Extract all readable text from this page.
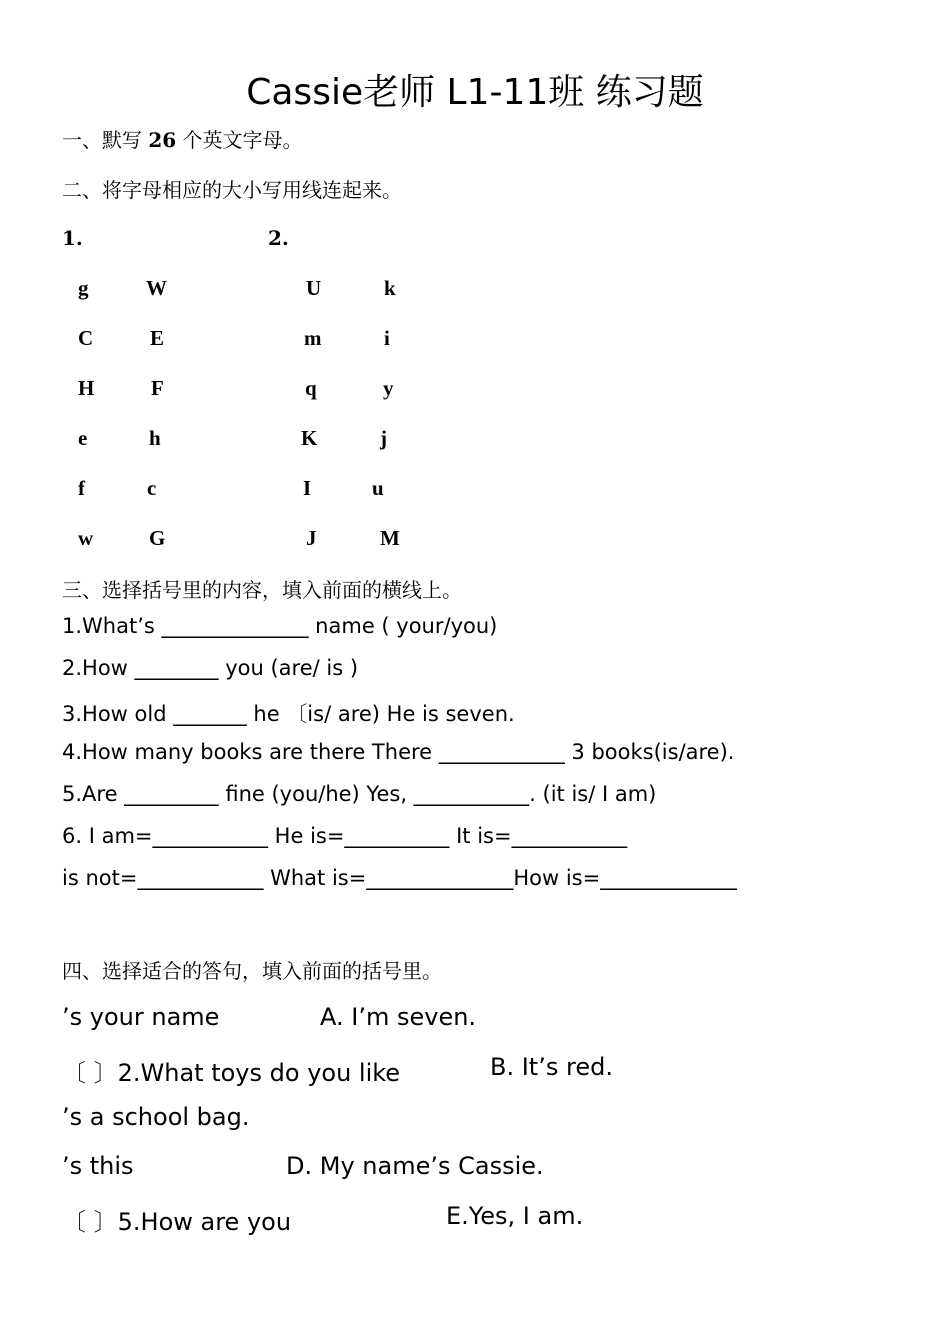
Cassie老师 L1-11班 练习题
一、默写 26 个英文字母。
二、将字母相应的大小写用线连起来。
1.	2.
g	W	U	k
C	E	m	i
H	F	q	y
e	h	K	j
f	c	I	u
w	G	J	M
三、选择括号里的内容，填入前面的横线上。
1.What’s ______________ name ( your/you)
2.How ________ you (are/ is )
3.How old _______ he 〔is/ are) He is seven.
4.How many books are there There ____________ 3 books(is/are).
5.Are _________ fine (you/he) Yes, ___________. (it is/ I am)
6. I am=___________ He is=__________ It is=___________
is not=____________ What is=______________How is=_____________
四、选择适合的答句，填入前面的括号里。
’s your name	A. I’m seven.
〔 〕2.What toys do you like	B. It’s red.
’s a school bag.
’s this	D. My name’s Cassie.
〔 〕5.How are you	E.Yes, I am.
